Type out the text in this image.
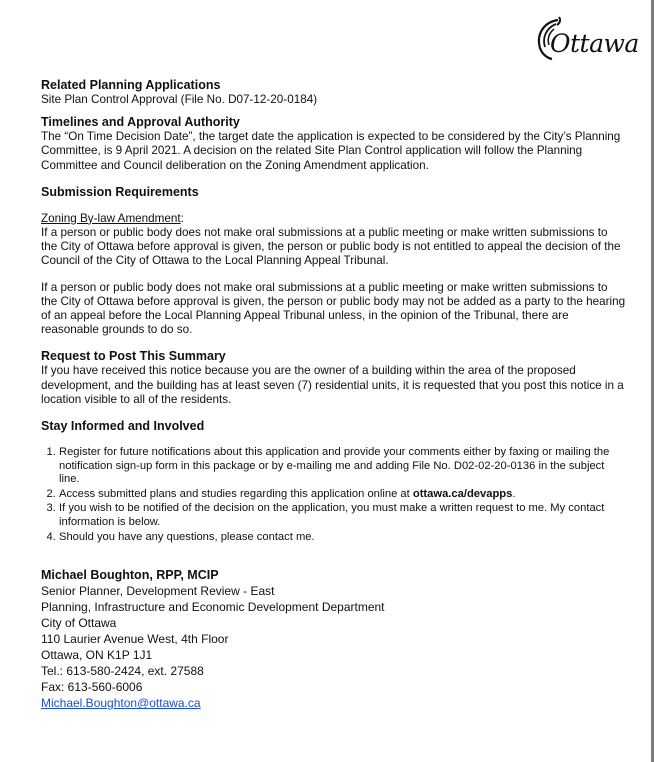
Ottawa
Related Planning Applications

Site Plan Control Approval (File No. D07-12-20-0184)

Timelines and Approval Authority

The “On Time Decision Date”, the target date the application is expected to be considered by the City’s Planning Committee, is 9 April 2021. A decision on the related Site Plan Control application will follow the Planning Committee and Council deliberation on the Zoning Amendment application.

Submission Requirements

Zoning By-law Amendment:

If a person or public body does not make oral submissions at a public meeting or make written submissions to the City of Ottawa before approval is given, the person or public body is not entitled to appeal the decision of the Council of the City of Ottawa to the Local Planning Appeal Tribunal.

If a person or public body does not make oral submissions at a public meeting or make written submissions to the City of Ottawa before approval is given, the person or public body may not be added as a party to the hearing of an appeal before the Local Planning Appeal Tribunal unless, in the opinion of the Tribunal, there are reasonable grounds to do so.

Request to Post This Summary

If you have received this notice because you are the owner of a building within the area of the proposed development, and the building has at least seven (7) residential units, it is requested that you post this notice in a location visible to all of the residents.

Stay Informed and Involved
1. Register for future notifications about this application and provide your comments either by faxing or mailing the notification sign-up form in this package or by e-mailing me and adding File No. D02-02-20-0136 in the subject line.
2. Access submitted plans and studies regarding this application online at ottawa.ca/devapps.
3. If you wish to be notified of the decision on the application, you must make a written request to me. My contact information is below.
4. Should you have any questions, please contact me.
Michael Boughton, RPP, MCIP
Senior Planner, Development Review - East
Planning, Infrastructure and Economic Development Department
City of Ottawa
110 Laurier Avenue West, 4th Floor
Ottawa, ON K1P 1J1
Tel.: 613-580-2424, ext. 27588
Fax: 613-560-6006
Michael.Boughton@ottawa.ca
